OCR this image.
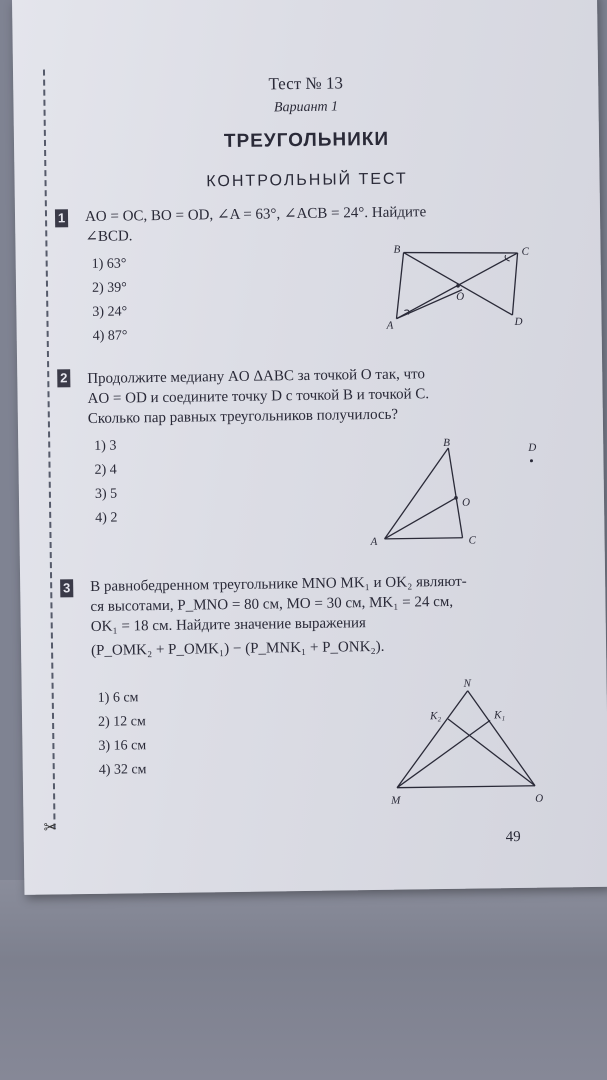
✂
Тест № 13
Вариант 1
ТРЕУГОЛЬНИКИ
КОНТРОЛЬНЫЙ ТЕСТ
1 AO = OC, BO = OD, ∠A = 63°, ∠ACB = 24°. Найдите
∠BCD.
1) 63°
2) 39°
3) 24°
4) 87°
B	C
O
A	D
2 Продолжите медиану AO ΔABC за точкой O так, что
AO = OD и соедините точку D с точкой B и точкой C.
Сколько пар равных треугольников получилось?
1) 3
2) 4
3) 5
4) 2
B	D
O
A	C
3 В равнобедренном треугольнике MNO MK₁ и OK₂ являют-
ся высотами, P_MNO = 80 см, MO = 30 см, MK₁ = 24 см,
OK₁ = 18 см. Найдите значение выражения
(P_OMK₂ + P_OMK₁) − (P_MNK₁ + P_ONK₂).
1) 6 см
2) 12 см
3) 16 см
4) 32 см
N
K₂	K₁
M	O
49
